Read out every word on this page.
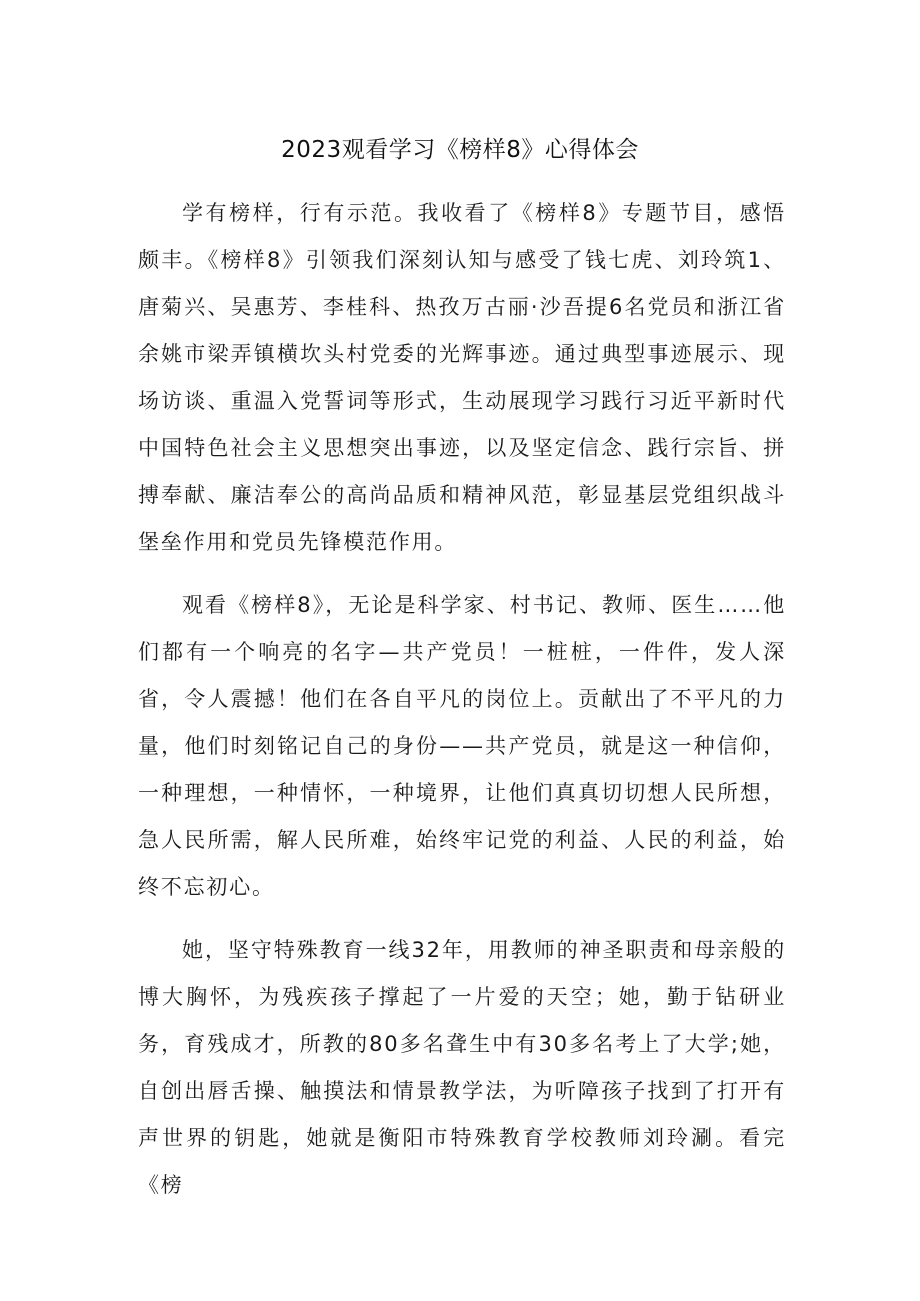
2023观看学习《榜样8》心得体会

学有榜样，行有示范。我收看了《榜样8》专题节目，感悟颇丰。《榜样8》引领我们深刻认知与感受了钱七虎、刘玲筑1、唐菊兴、吴惠芳、李桂科、热孜万古丽·沙吾提6名党员和浙江省余姚市梁弄镇横坎头村党委的光辉事迹。通过典型事迹展示、现场访谈、重温入党誓词等形式，生动展现学习践行习近平新时代中国特色社会主义思想突出事迹，以及坚定信念、践行宗旨、拼搏奉献、廉洁奉公的高尚品质和精神风范，彰显基层党组织战斗堡垒作用和党员先锋模范作用。

观看《榜样8》，无论是科学家、村书记、教师、医生……他们都有一个响亮的名字—共产党员！一桩桩，一件件，发人深省，令人震撼！他们在各自平凡的岗位上。贡献出了不平凡的力量，他们时刻铭记自己的身份——共产党员，就是这一种信仰，一种理想，一种情怀，一种境界，让他们真真切切想人民所想，急人民所需，解人民所难，始终牢记党的利益、人民的利益，始终不忘初心。

她，坚守特殊教育一线32年，用教师的神圣职责和母亲般的博大胸怀，为残疾孩子撑起了一片爱的天空；她，勤于钻研业务，育残成才，所教的80多名聋生中有30多名考上了大学;她，自创出唇舌操、触摸法和情景教学法，为听障孩子找到了打开有声世界的钥匙，她就是衡阳市特殊教育学校教师刘玲涮。看完《榜
